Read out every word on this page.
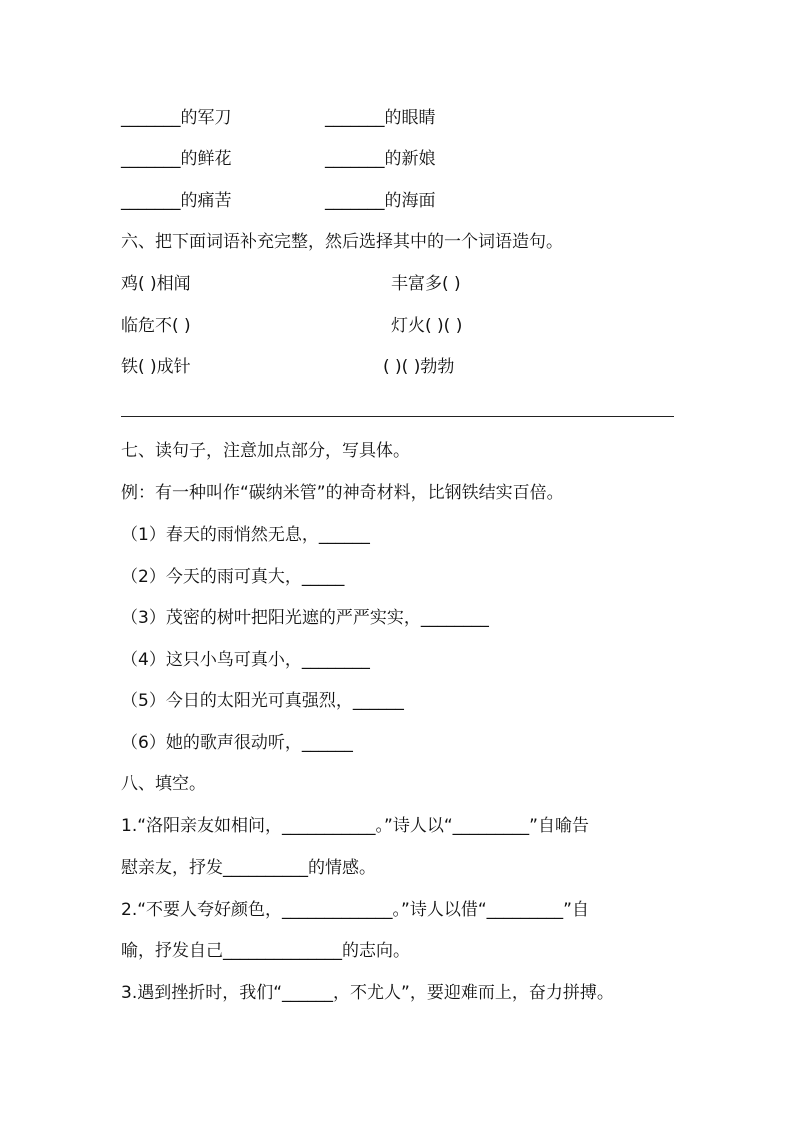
_______的军刀	_______的眼睛
_______的鲜花	_______的新娘
_______的痛苦	_______的海面
六、把下面词语补充完整，然后选择其中的一个词语造句。
鸡( )相闻	丰富多( )
临危不( )	灯火( )( )
铁( )成针	( )( )勃勃
七、读句子，注意加点部分，写具体。
例：有一种叫作“碳纳米管”的神奇材料，比钢铁结实百倍。
（1）春天的雨悄然无息，______
（2）今天的雨可真大，_____
（3）茂密的树叶把阳光遮的严严实实，________
（4）这只小鸟可真小，________
（5）今日的太阳光可真强烈，______
（6）她的歌声很动听，______
八、填空。
1.“洛阳亲友如相问，___________。”诗人以“_________”自喻告
慰亲友，抒发__________的情感。
2.“不要人夸好颜色，_____________。”诗人以借“_________”自
喻，抒发自己______________的志向。
3.遇到挫折时，我们“______，不尤人”，要迎难而上，奋力拼搏。
